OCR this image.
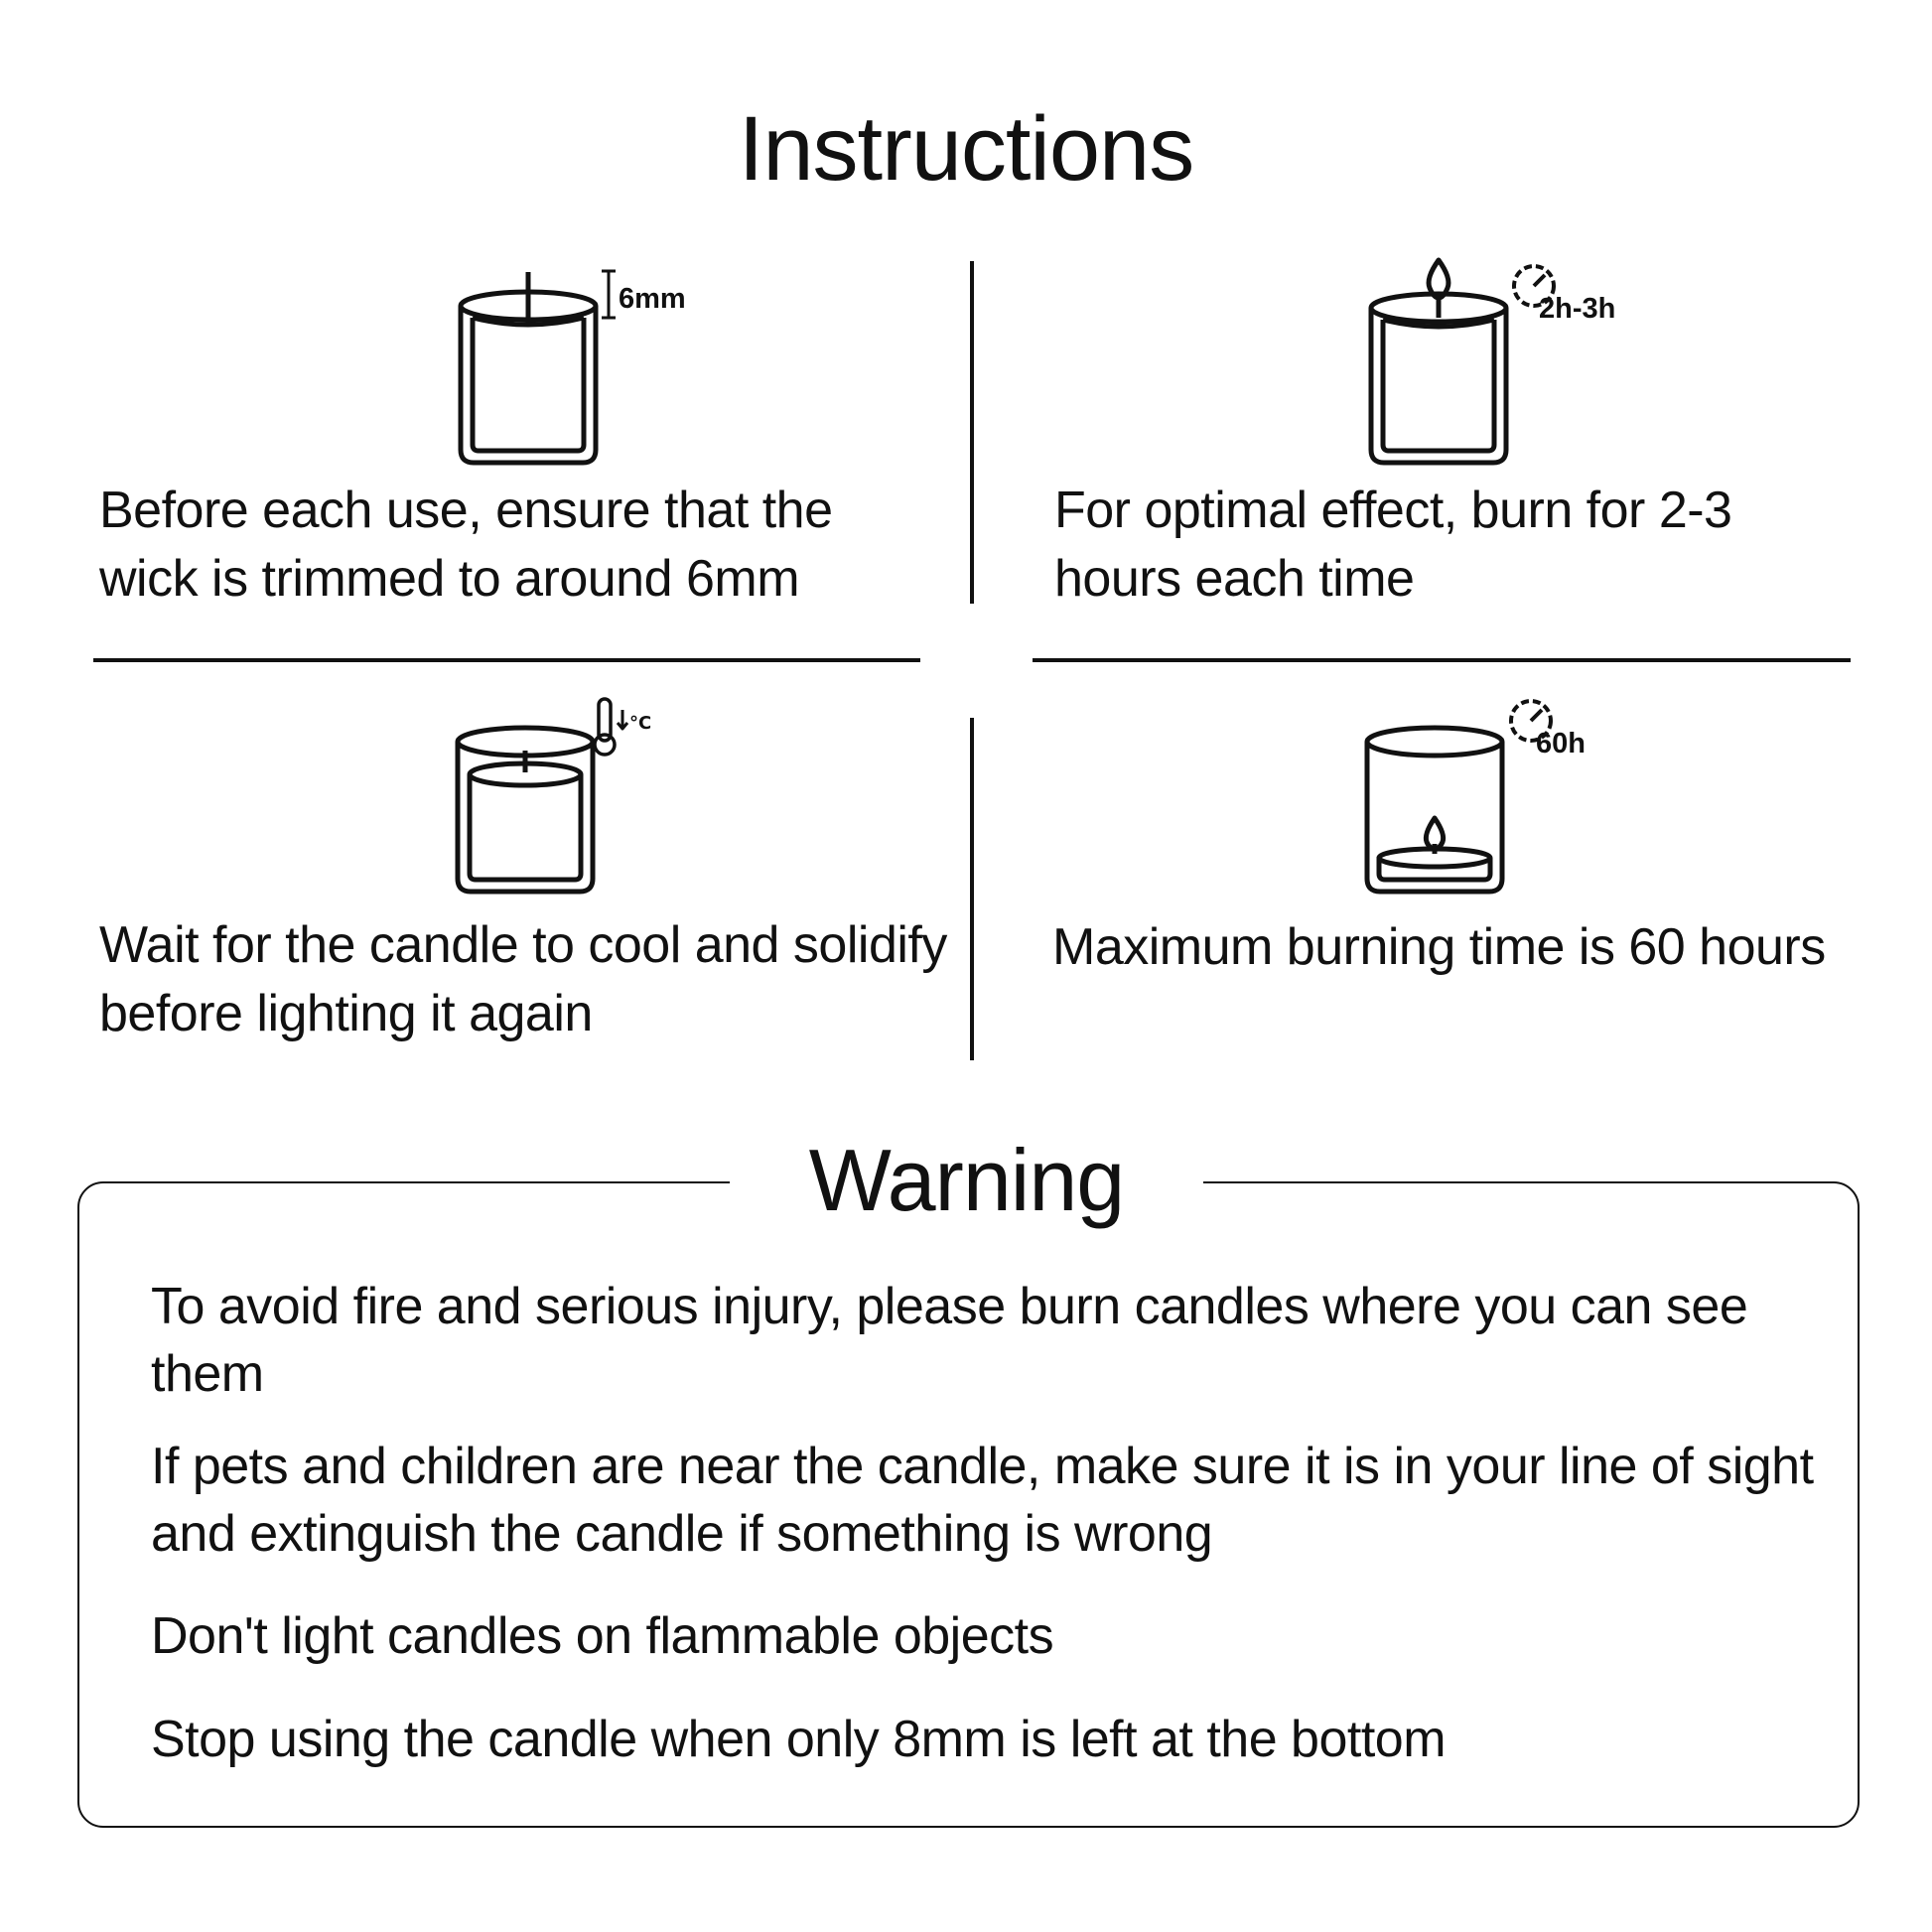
Instructions
6mm
Before each use, ensure that the wick is trimmed to around 6mm
2h-3h
For optimal effect, burn for 2-3 hours each time
°C
Wait for the candle to cool and solidify before lighting it again
60h
Maximum burning time is 60 hours
Warning
To avoid fire and serious injury, please burn candles where you can see them
If pets and children are near the candle, make sure it is in your line of sight and extinguish the candle if something is wrong
Don't light candles on flammable objects
Stop using the candle when only 8mm is left at the bottom
